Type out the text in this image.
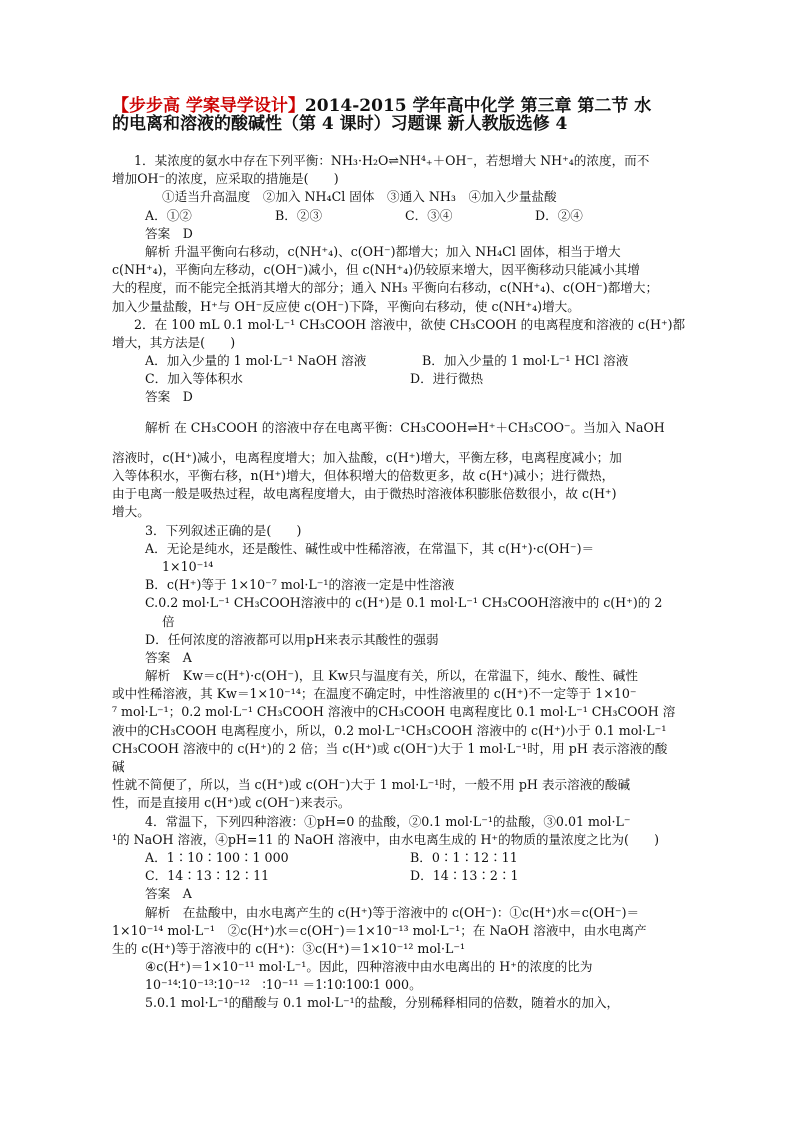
【步步高 学案导学设计】2014-2015 学年高中化学 第三章 第二节 水
的电离和溶液的酸碱性（第 4 课时）习题课 新人教版选修 4
1．某浓度的氨水中存在下列平衡：NH₃·H₂O⇌NH⁴₊＋OH⁻，若想增大 NH⁺₄的浓度，而不
增加OH⁻的浓度，应采取的措施是(　　)
①适当升高温度　②加入 NH₄Cl 固体　③通入 NH₃　④加入少量盐酸
A．①②	B．②③	C．③④	D．②④
答案　D
解析 升温平衡向右移动，c(NH⁺₄)、c(OH⁻)都增大；加入 NH₄Cl 固体，相当于增大
c(NH⁺₄)，平衡向左移动，c(OH⁻)减小，但 c(NH⁺₄)仍较原来增大，因平衡移动只能减小其增
大的程度，而不能完全抵消其增大的部分；通入 NH₃ 平衡向右移动，c(NH⁺₄)、c(OH⁻)都增大；
加入少量盐酸，H⁺与 OH⁻反应使 c(OH⁻)下降，平衡向右移动，使 c(NH⁺₄)增大。
2．在 100 mL 0.1 mol·L⁻¹ CH₃COOH 溶液中，欲使 CH₃COOH 的电离程度和溶液的 c(H⁺)都
增大，其方法是(　　)
A．加入少量的 1 mol·L⁻¹ NaOH 溶液	B．加入少量的 1 mol·L⁻¹ HCl 溶液
C．加入等体积水	D．进行微热
答案　D
解析 在 CH₃COOH 的溶液中存在电离平衡：CH₃COOH⇌H⁺＋CH₃COO⁻。当加入 NaOH
溶液时，c(H⁺)减小，电离程度增大；加入盐酸，c(H⁺)增大，平衡左移，电离程度减小；加
入等体积水，平衡右移，n(H⁺)增大，但体积增大的倍数更多，故 c(H⁺)减小；进行微热，
由于电离一般是吸热过程，故电离程度增大，由于微热时溶液体积膨胀倍数很小，故 c(H⁺)
增大。
3．下列叙述正确的是(　　)
A．无论是纯水，还是酸性、碱性或中性稀溶液，在常温下，其 c(H⁺)·c(OH⁻)＝
1×10⁻¹⁴
B．c(H⁺)等于 1×10⁻⁷ mol·L⁻¹的溶液一定是中性溶液
C.0.2 mol·L⁻¹ CH₃COOH溶液中的 c(H⁺)是 0.1 mol·L⁻¹ CH₃COOH溶液中的 c(H⁺)的 2
倍
D．任何浓度的溶液都可以用pH来表示其酸性的强弱
答案　A
解析　Kw＝c(H⁺)·c(OH⁻)，且 Kw只与温度有关，所以，在常温下，纯水、酸性、碱性
或中性稀溶液，其 Kw＝1×10⁻¹⁴；在温度不确定时，中性溶液里的 c(H⁺)不一定等于 1×10⁻
⁷ mol·L⁻¹；0.2 mol·L⁻¹ CH₃COOH 溶液中的CH₃COOH 电离程度比 0.1 mol·L⁻¹ CH₃COOH 溶
液中的CH₃COOH 电离程度小，所以，0.2 mol·L⁻¹CH₃COOH 溶液中的 c(H⁺)小于 0.1 mol·L⁻¹
CH₃COOH 溶液中的 c(H⁺)的 2 倍；当 c(H⁺)或 c(OH⁻)大于 1 mol·L⁻¹时，用 pH 表示溶液的酸
碱
性就不简便了，所以，当 c(H⁺)或 c(OH⁻)大于 1 mol·L⁻¹时，一般不用 pH 表示溶液的酸碱
性，而是直接用 c(H⁺)或 c(OH⁻)来表示。
4．常温下，下列四种溶液：①pH=0 的盐酸，②0.1 mol·L⁻¹的盐酸，③0.01 mol·L⁻
¹的 NaOH 溶液，④pH=11 的 NaOH 溶液中，由水电离生成的 H⁺的物质的量浓度之比为(　　)
A．1∶10∶100∶1 000	B．0∶1∶12∶11
C．14∶13∶12∶11	D．14∶13∶2∶1
答案　A
解析　在盐酸中，由水电离产生的 c(H⁺)等于溶液中的 c(OH⁻)：①c(H⁺)水＝c(OH⁻)＝
1×10⁻¹⁴ mol·L⁻¹　②c(H⁺)水＝c(OH⁻)＝1×10⁻¹³ mol·L⁻¹；在 NaOH 溶液中，由水电离产
生的 c(H⁺)等于溶液中的 c(H⁺)：③c(H⁺)＝1×10⁻¹² mol·L⁻¹
④c(H⁺)＝1×10⁻¹¹ mol·L⁻¹。因此，四种溶液中由水电离出的 H⁺的浓度的比为
10⁻¹⁴∶10⁻¹³∶10⁻¹²　∶10⁻¹¹ ＝1∶10∶100∶1 000。
5.0.1 mol·L⁻¹的醋酸与 0.1 mol·L⁻¹的盐酸，分别稀释相同的倍数，随着水的加入，
